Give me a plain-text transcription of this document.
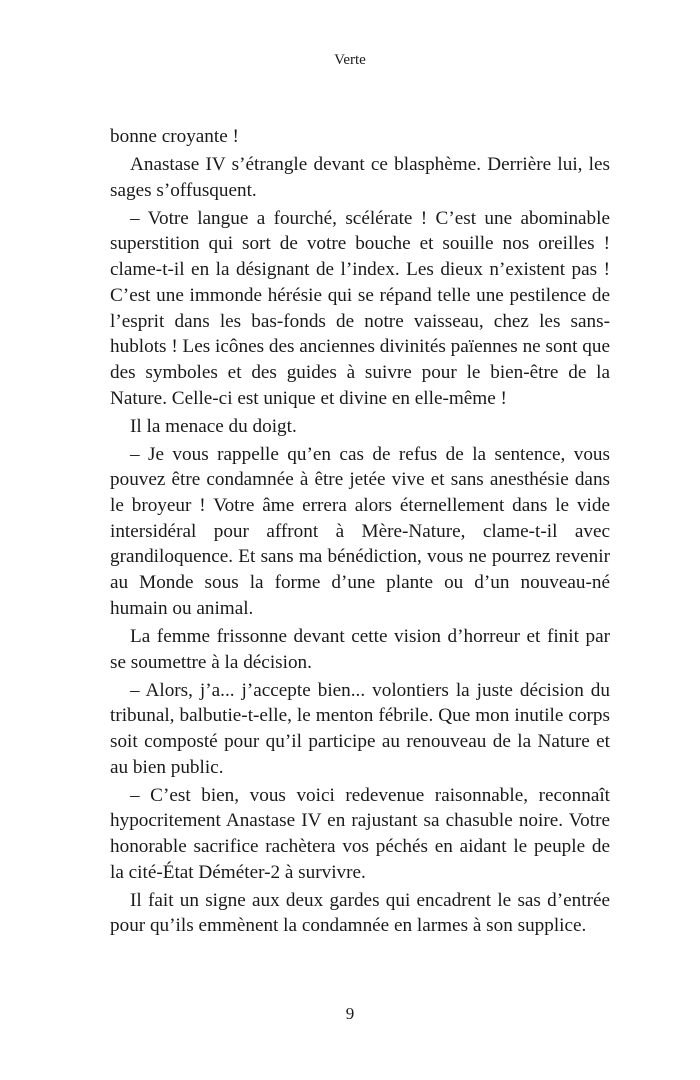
Verte

bonne croyante !

Anastase IV s’étrangle devant ce blasphème. Derrière lui, les sages s’offusquent.

– Votre langue a fourché, scélérate ! C’est une abominable superstition qui sort de votre bouche et souille nos oreilles ! clame-t-il en la désignant de l’index. Les dieux n’existent pas ! C’est une immonde hérésie qui se répand telle une pestilence de l’esprit dans les bas-fonds de notre vaisseau, chez les sans-hublots ! Les icônes des anciennes divinités païennes ne sont que des symboles et des guides à suivre pour le bien-être de la Nature. Celle-ci est unique et divine en elle-même !

Il la menace du doigt.

– Je vous rappelle qu’en cas de refus de la sentence, vous pouvez être condamnée à être jetée vive et sans anesthésie dans le broyeur ! Votre âme errera alors éternellement dans le vide intersidéral pour affront à Mère-Nature, clame-t-il avec grandiloquence. Et sans ma bénédiction, vous ne pourrez revenir au Monde sous la forme d’une plante ou d’un nouveau-né humain ou animal.

La femme frissonne devant cette vision d’horreur et finit par se soumettre à la décision.

– Alors, j’a... j’accepte bien... volontiers la juste décision du tribunal, balbutie-t-elle, le menton fébrile. Que mon inutile corps soit composté pour qu’il participe au renouveau de la Nature et au bien public.

– C’est bien, vous voici redevenue raisonnable, reconnaît hypocritement Anastase IV en rajustant sa chasuble noire. Votre honorable sacrifice rachètera vos péchés en aidant le peuple de la cité-État Déméter-2 à survivre.

Il fait un signe aux deux gardes qui encadrent le sas d’entrée pour qu’ils emmènent la condamnée en larmes à son supplice.

9
